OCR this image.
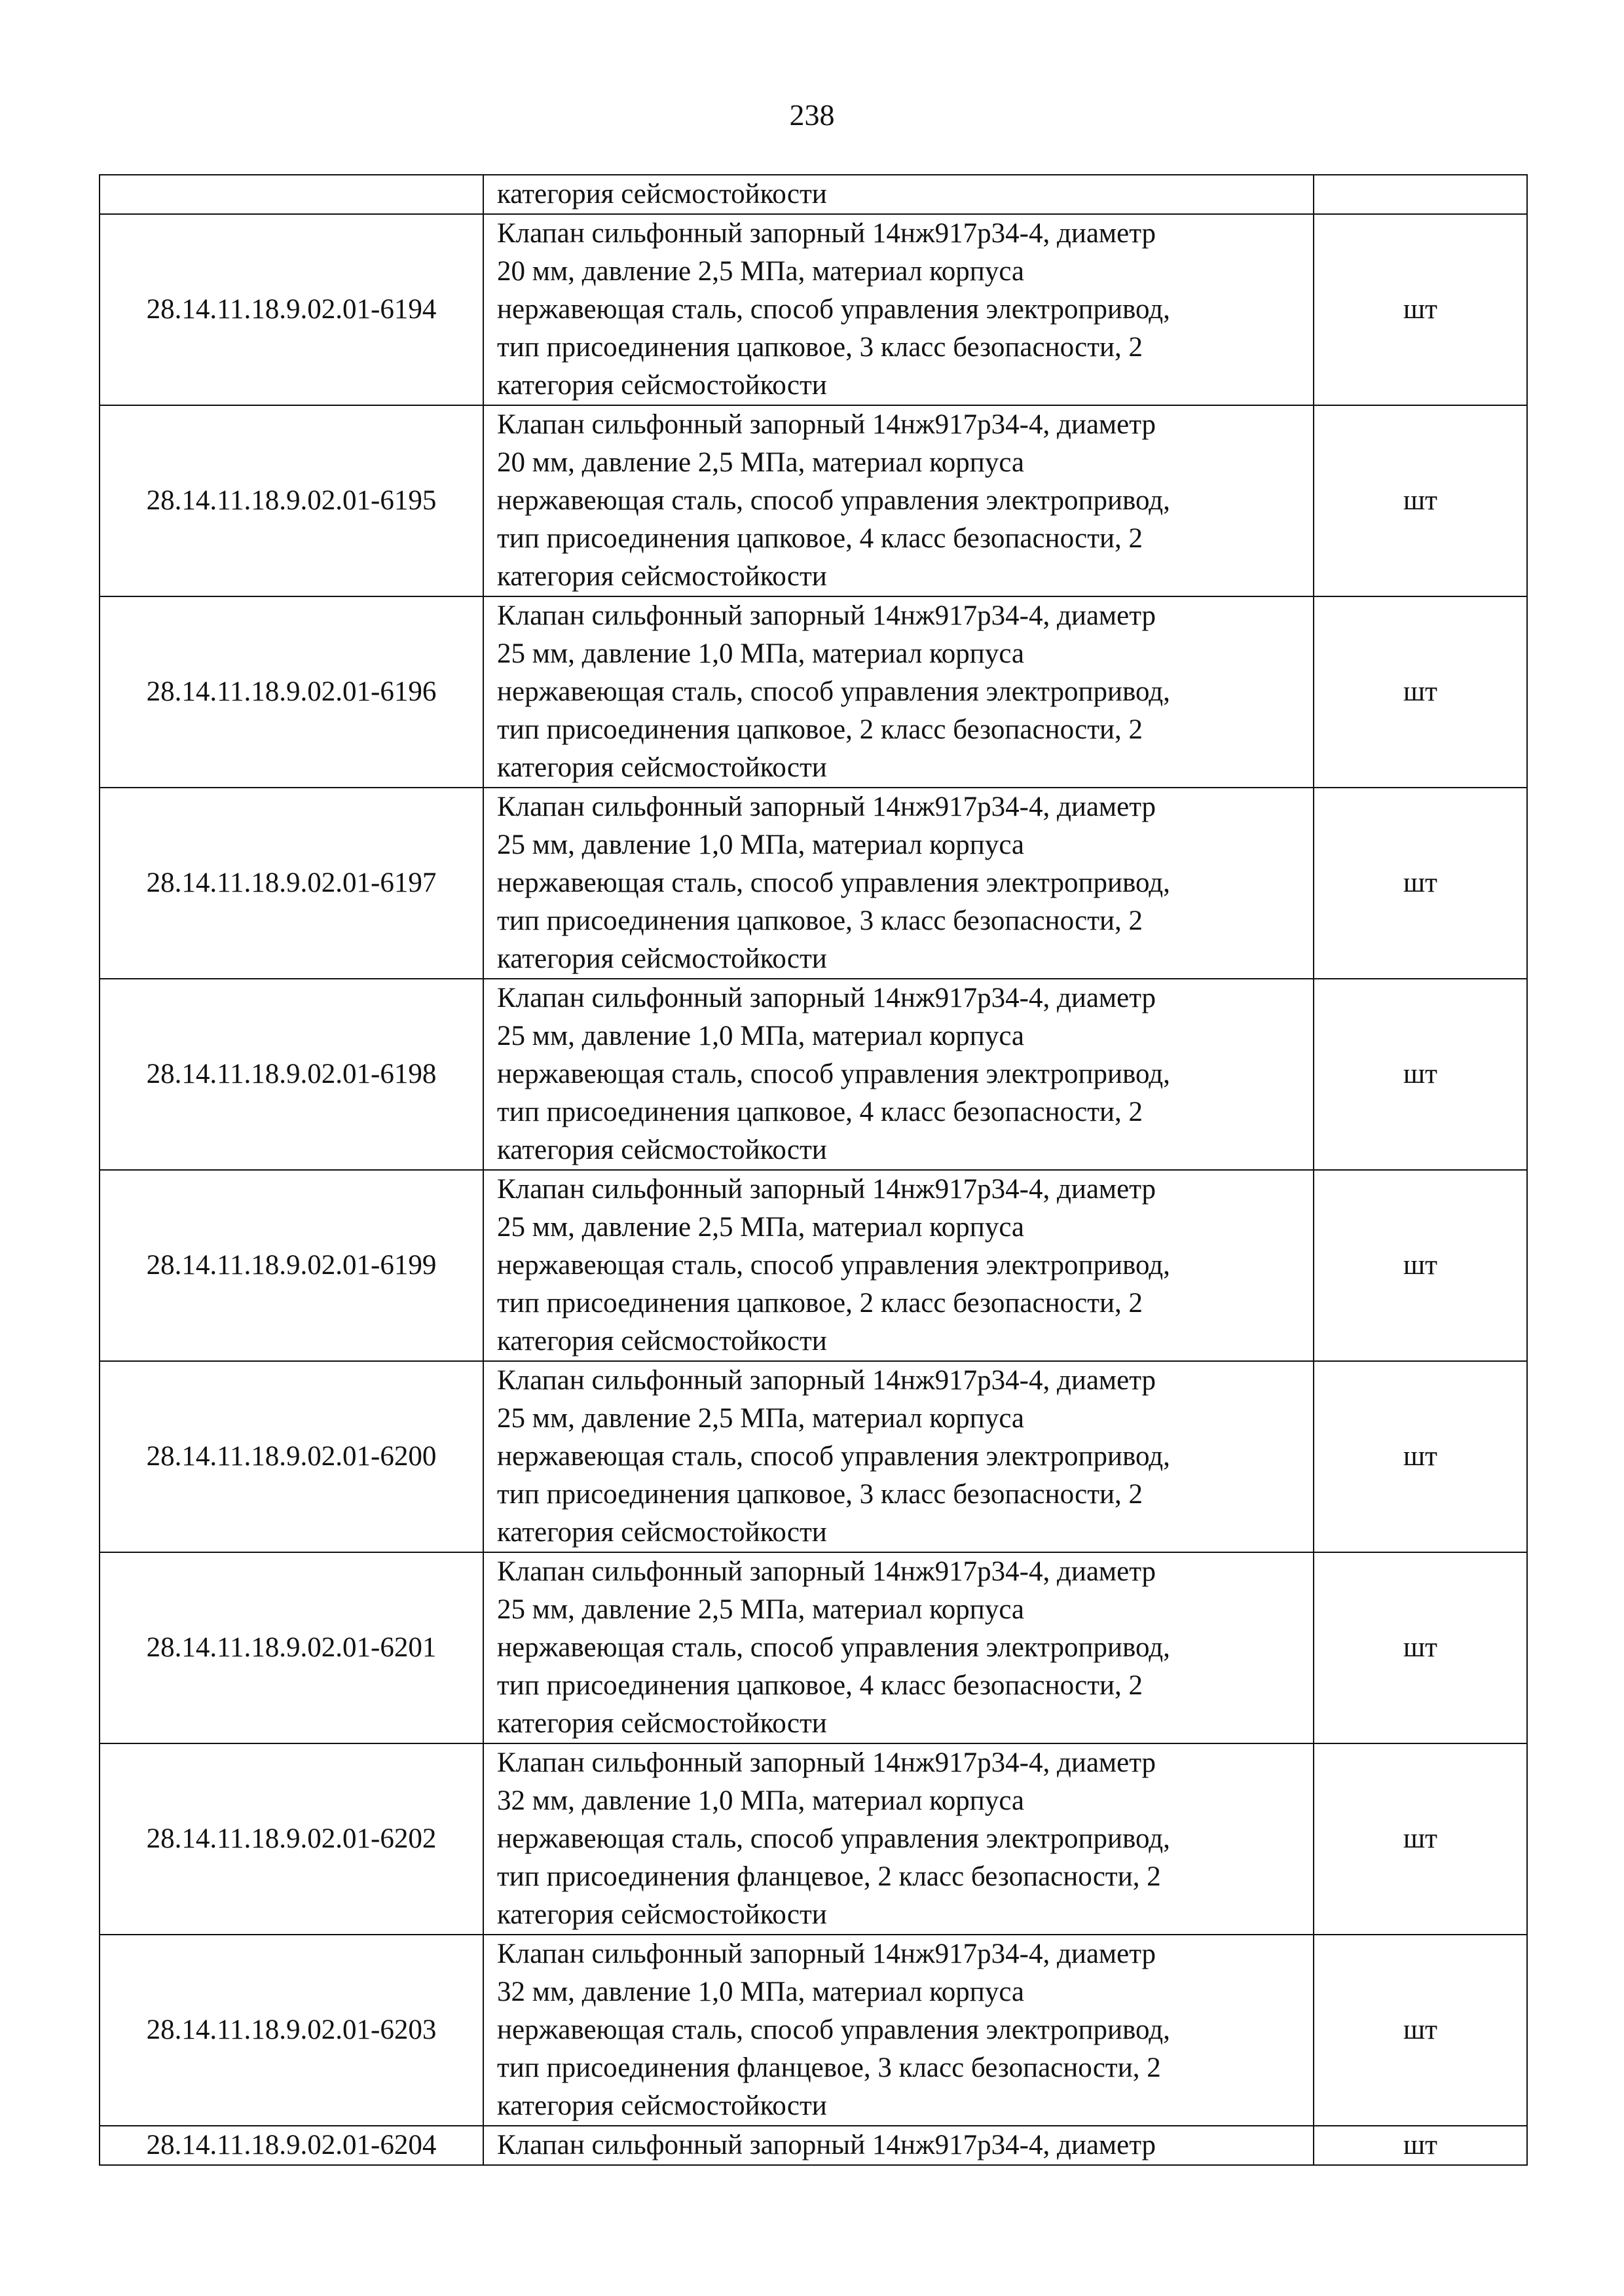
238
	категория сейсмостойкости	
28.14.11.18.9.02.01-6194	Клапан сильфонный запорный 14нж917р34-4, диаметр
20 мм, давление 2,5 МПа, материал корпуса
нержавеющая сталь, способ управления электропривод,
тип присоединения цапковое, 3 класс безопасности, 2
категория сейсмостойкости	шт
28.14.11.18.9.02.01-6195	Клапан сильфонный запорный 14нж917р34-4, диаметр
20 мм, давление 2,5 МПа, материал корпуса
нержавеющая сталь, способ управления электропривод,
тип присоединения цапковое, 4 класс безопасности, 2
категория сейсмостойкости	шт
28.14.11.18.9.02.01-6196	Клапан сильфонный запорный 14нж917р34-4, диаметр
25 мм, давление 1,0 МПа, материал корпуса
нержавеющая сталь, способ управления электропривод,
тип присоединения цапковое, 2 класс безопасности, 2
категория сейсмостойкости	шт
28.14.11.18.9.02.01-6197	Клапан сильфонный запорный 14нж917р34-4, диаметр
25 мм, давление 1,0 МПа, материал корпуса
нержавеющая сталь, способ управления электропривод,
тип присоединения цапковое, 3 класс безопасности, 2
категория сейсмостойкости	шт
28.14.11.18.9.02.01-6198	Клапан сильфонный запорный 14нж917р34-4, диаметр
25 мм, давление 1,0 МПа, материал корпуса
нержавеющая сталь, способ управления электропривод,
тип присоединения цапковое, 4 класс безопасности, 2
категория сейсмостойкости	шт
28.14.11.18.9.02.01-6199	Клапан сильфонный запорный 14нж917р34-4, диаметр
25 мм, давление 2,5 МПа, материал корпуса
нержавеющая сталь, способ управления электропривод,
тип присоединения цапковое, 2 класс безопасности, 2
категория сейсмостойкости	шт
28.14.11.18.9.02.01-6200	Клапан сильфонный запорный 14нж917р34-4, диаметр
25 мм, давление 2,5 МПа, материал корпуса
нержавеющая сталь, способ управления электропривод,
тип присоединения цапковое, 3 класс безопасности, 2
категория сейсмостойкости	шт
28.14.11.18.9.02.01-6201	Клапан сильфонный запорный 14нж917р34-4, диаметр
25 мм, давление 2,5 МПа, материал корпуса
нержавеющая сталь, способ управления электропривод,
тип присоединения цапковое, 4 класс безопасности, 2
категория сейсмостойкости	шт
28.14.11.18.9.02.01-6202	Клапан сильфонный запорный 14нж917р34-4, диаметр
32 мм, давление 1,0 МПа, материал корпуса
нержавеющая сталь, способ управления электропривод,
тип присоединения фланцевое, 2 класс безопасности, 2
категория сейсмостойкости	шт
28.14.11.18.9.02.01-6203	Клапан сильфонный запорный 14нж917р34-4, диаметр
32 мм, давление 1,0 МПа, материал корпуса
нержавеющая сталь, способ управления электропривод,
тип присоединения фланцевое, 3 класс безопасности, 2
категория сейсмостойкости	шт
28.14.11.18.9.02.01-6204	Клапан сильфонный запорный 14нж917р34-4, диаметр	шт
